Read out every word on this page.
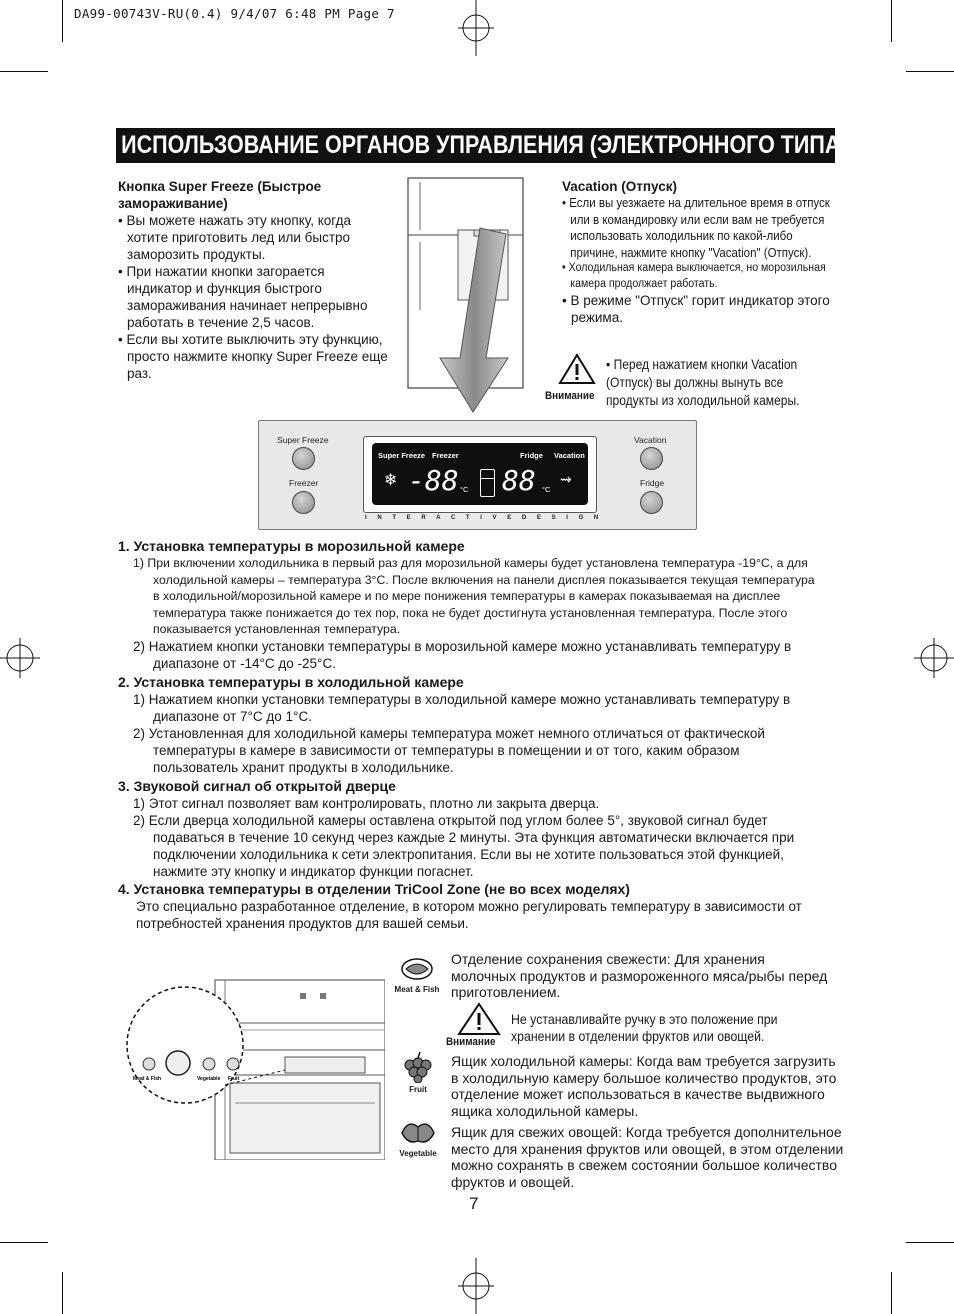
DA99-00743V-RU(0.4) 9/4/07 6:48 PM Page 7
ИСПОЛЬЗОВАНИЕ ОРГАНОВ УПРАВЛЕНИЯ (ЭЛЕКТРОННОГО ТИПА)
Кнопка Super Freeze (Быстрое замораживание)
• Вы можете нажать эту кнопку, когда хотите приготовить лед или быстро заморозить продукты.
• При нажатии кнопки загорается индикатор и функция быстрого замораживания начинает непрерывно работать в течение 2,5 часов.
• Если вы хотите выключить эту функцию, просто нажмите кнопку Super Freeze еще раз.
Vacation (Отпуск)
• Если вы уезжаете на длительное время в отпуск или в командировку или если вам не требуется использовать холодильник по какой-либо причине, нажмите кнопку "Vacation" (Отпуск).
• Холодильная камера выключается, но морозильная камера продолжает работать.
• В режиме "Отпуск" горит индикатор этого режима.
Внимание
• Перед нажатием кнопки Vacation (Отпуск) вы должны вынуть все продукты из холодильной камеры.
Super Freeze
Freezer
Vacation
Fridge
Super Freeze Freezer	Fridge Vacation
❄ -88 °C 88 °C
⇝
I N T E R A C T I V E D E S I G N
1. Установка температуры в морозильной камере
1) При включении холодильника в первый раз для морозильной камеры будет установлена температура -19°С, а для холодильной камеры – температура 3°С. После включения на панели дисплея показывается текущая температура в холодильной/морозильной камере и по мере понижения температуры в камерах показываемая на дисплее температура также понижается до тех пор, пока не будет достигнута установленная температура. После этого показывается установленная температура.
2) Нажатием кнопки установки температуры в морозильной камере можно устанавливать температуру в диапазоне от -14°С до -25°С.
2. Установка температуры в холодильной камере
1) Нажатием кнопки установки температуры в холодильной камере можно устанавливать температуру в диапазоне от 7°С до 1°С.
2) Установленная для холодильной камеры температура может немного отличаться от фактической температуры в камере в зависимости от температуры в помещении и от того, каким образом пользователь хранит продукты в холодильнике.
3. Звуковой сигнал об открытой дверце
1) Этот сигнал позволяет вам контролировать, плотно ли закрыта дверца.
2) Если дверца холодильной камеры оставлена открытой под углом более 5°, звуковой сигнал будет подаваться в течение 10 секунд через каждые 2 минуты. Эта функция автоматически включается при подключении холодильника к сети электропитания. Если вы не хотите пользоваться этой функцией, нажмите эту кнопку и индикатор функции погаснет.
4. Установка температуры в отделении TriCool Zone (не во всех моделях)
Это специально разработанное отделение, в котором можно регулировать температуру в зависимости от потребностей хранения продуктов для вашей семьи.
Meat & Fish	Vegetable Fruit
Meat & Fish
Отделение сохранения свежести: Для хранения молочных продуктов и размороженного мяса/рыбы перед приготовлением.
Внимание
Не устанавливайте ручку в это положение при хранении в отделении фруктов или овощей.
Fruit
Ящик холодильной камеры: Когда вам требуется загрузить в холодильную камеру большое количество продуктов, это отделение может использоваться в качестве выдвижного ящика холодильной камеры.
Vegetable
Ящик для свежих овощей: Когда требуется дополнительное место для хранения фруктов или овощей, в этом отделении можно сохранять в свежем состоянии большое количество фруктов и овощей.
7
